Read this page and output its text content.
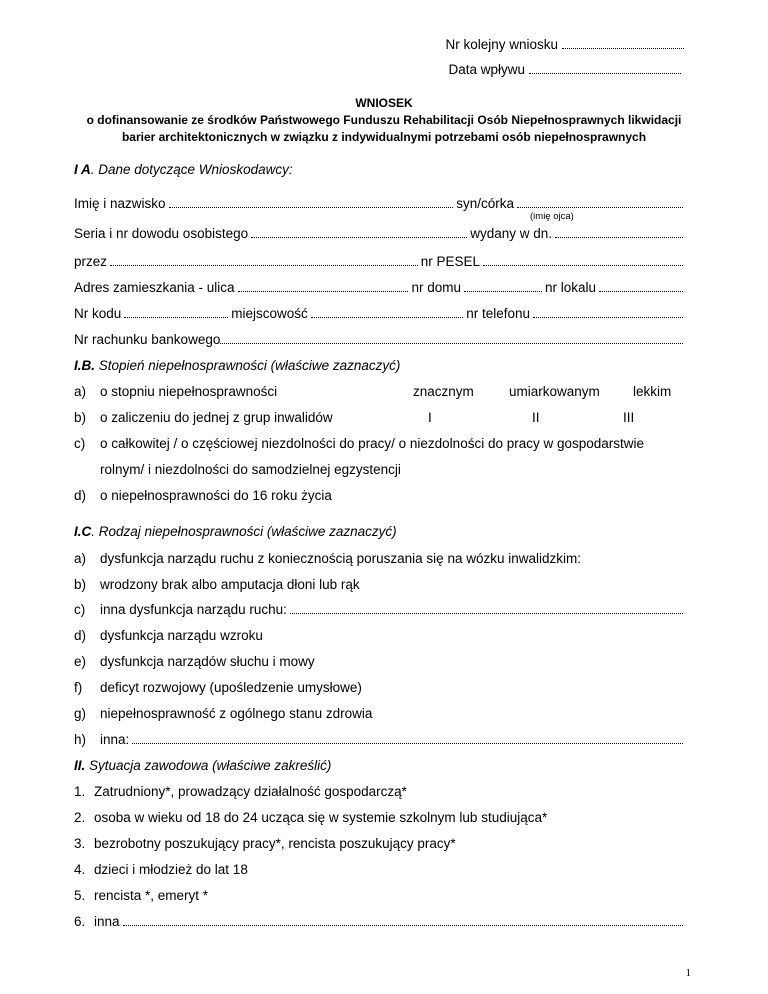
Nr kolejny wniosku
Data wpływu
WNIOSEK
o dofinansowanie ze środków Państwowego Funduszu Rehabilitacji Osób Niepełnosprawnych likwidacji
barier architektonicznych w związku z indywidualnymi potrzebami osób niepełnosprawnych
I A. Dane dotyczące Wnioskodawcy:
Imię i nazwisko	syn/córka
(imię ojca)
Seria i nr dowodu osobistego	wydany w dn.
przez	nr PESEL
Adres zamieszkania - ulica	nr domu	nr lokalu
Nr kodu	miejscowość	nr telefonu
Nr rachunku bankowego
I.B. Stopień niepełnosprawności (właściwe zaznaczyć)
a) o stopniu niepełnosprawności	znacznym	umiarkowanym lekkim
b) o zaliczeniu do jednej z grup inwalidów	I	II	III
c) o całkowitej / o częściowej niezdolności do pracy/ o niezdolności do pracy w gospodarstwie
rolnym/ i niezdolności do samodzielnej egzystencji
d) o niepełnosprawności do 16 roku życia
I.C. Rodzaj niepełnosprawności (właściwe zaznaczyć)
a) dysfunkcja narządu ruchu z koniecznością poruszania się na wózku inwalidzkim:
b) wrodzony brak albo amputacja dłoni lub rąk
c)	inna dysfunkcja narządu ruchu:
d) dysfunkcja narządu wzroku
e) dysfunkcja narządów słuchu i mowy
f) deficyt rozwojowy (upośledzenie umysłowe)
g) niepełnosprawność z ogólnego stanu zdrowia
h)	inna:
II. Sytuacja zawodowa (właściwe zakreślić)
1. Zatrudniony*, prowadzący działalność gospodarczą*
2. osoba w wieku od 18 do 24 ucząca się w systemie szkolnym lub studiująca*
3. bezrobotny poszukujący pracy*, rencista poszukujący pracy*
4. dzieci i młodzież do lat 18
5. rencista *, emeryt *
6. inna
1
